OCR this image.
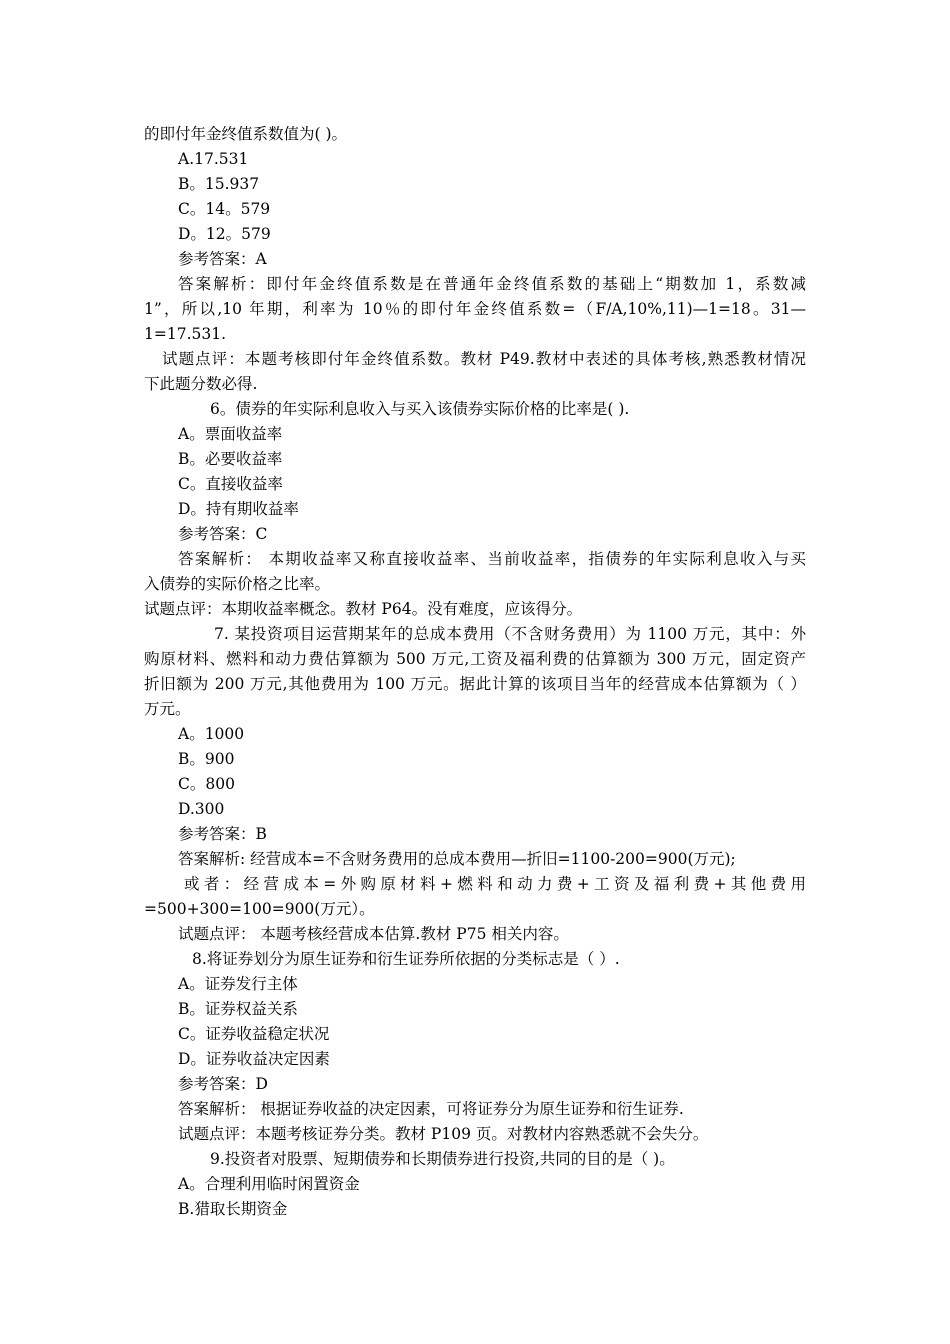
的即付年金终值系数值为( )。
A.17.531
B。15.937
C。14。579
D。12。579
参考答案：A
答案解析：即付年金终值系数是在普通年金终值系数的基础上“期数加 1，系数减
1”，所以,10 年期，利率为 10％的即付年金终值系数=（F/A,10%,11)—1=18。31—
1=17.531.
试题点评：本题考核即付年金终值系数。教材 P49.教材中表述的具体考核,熟悉教材情况
下此题分数必得.
6。债券的年实际利息收入与买入该债券实际价格的比率是( ).
A。票面收益率
B。必要收益率
C。直接收益率
D。持有期收益率
参考答案：C
答案解析： 本期收益率又称直接收益率、当前收益率，指债券的年实际利息收入与买
入债券的实际价格之比率。
试题点评：本期收益率概念。教材 P64。没有难度，应该得分。
7. 某投资项目运营期某年的总成本费用（不含财务费用）为 1100 万元，其中：外
购原材料、燃料和动力费估算额为 500 万元,工资及福利费的估算额为 300 万元，固定资产
折旧额为 200 万元,其他费用为 100 万元。据此计算的该项目当年的经营成本估算额为（ ）
万元。
A。1000
B。900
C。800
D.300
参考答案：B
答案解析: 经营成本=不含财务费用的总成本费用—折旧=1100-200=900(万元);
或者：经营成本=外购原材料+燃料和动力费+工资及福利费+其他费用
=500+300=100=900(万元）。
试题点评： 本题考核经营成本估算.教材 P75 相关内容。
8.将证券划分为原生证券和衍生证券所依据的分类标志是（ ）.
A。证券发行主体
B。证券权益关系
C。证券收益稳定状况
D。证券收益决定因素
参考答案：D
答案解析： 根据证券收益的决定因素，可将证券分为原生证券和衍生证券.
试题点评：本题考核证券分类。教材 P109 页。对教材内容熟悉就不会失分。
9.投资者对股票、短期债券和长期债券进行投资,共同的目的是（ )。
A。合理利用临时闲置资金
B.猎取长期资金
